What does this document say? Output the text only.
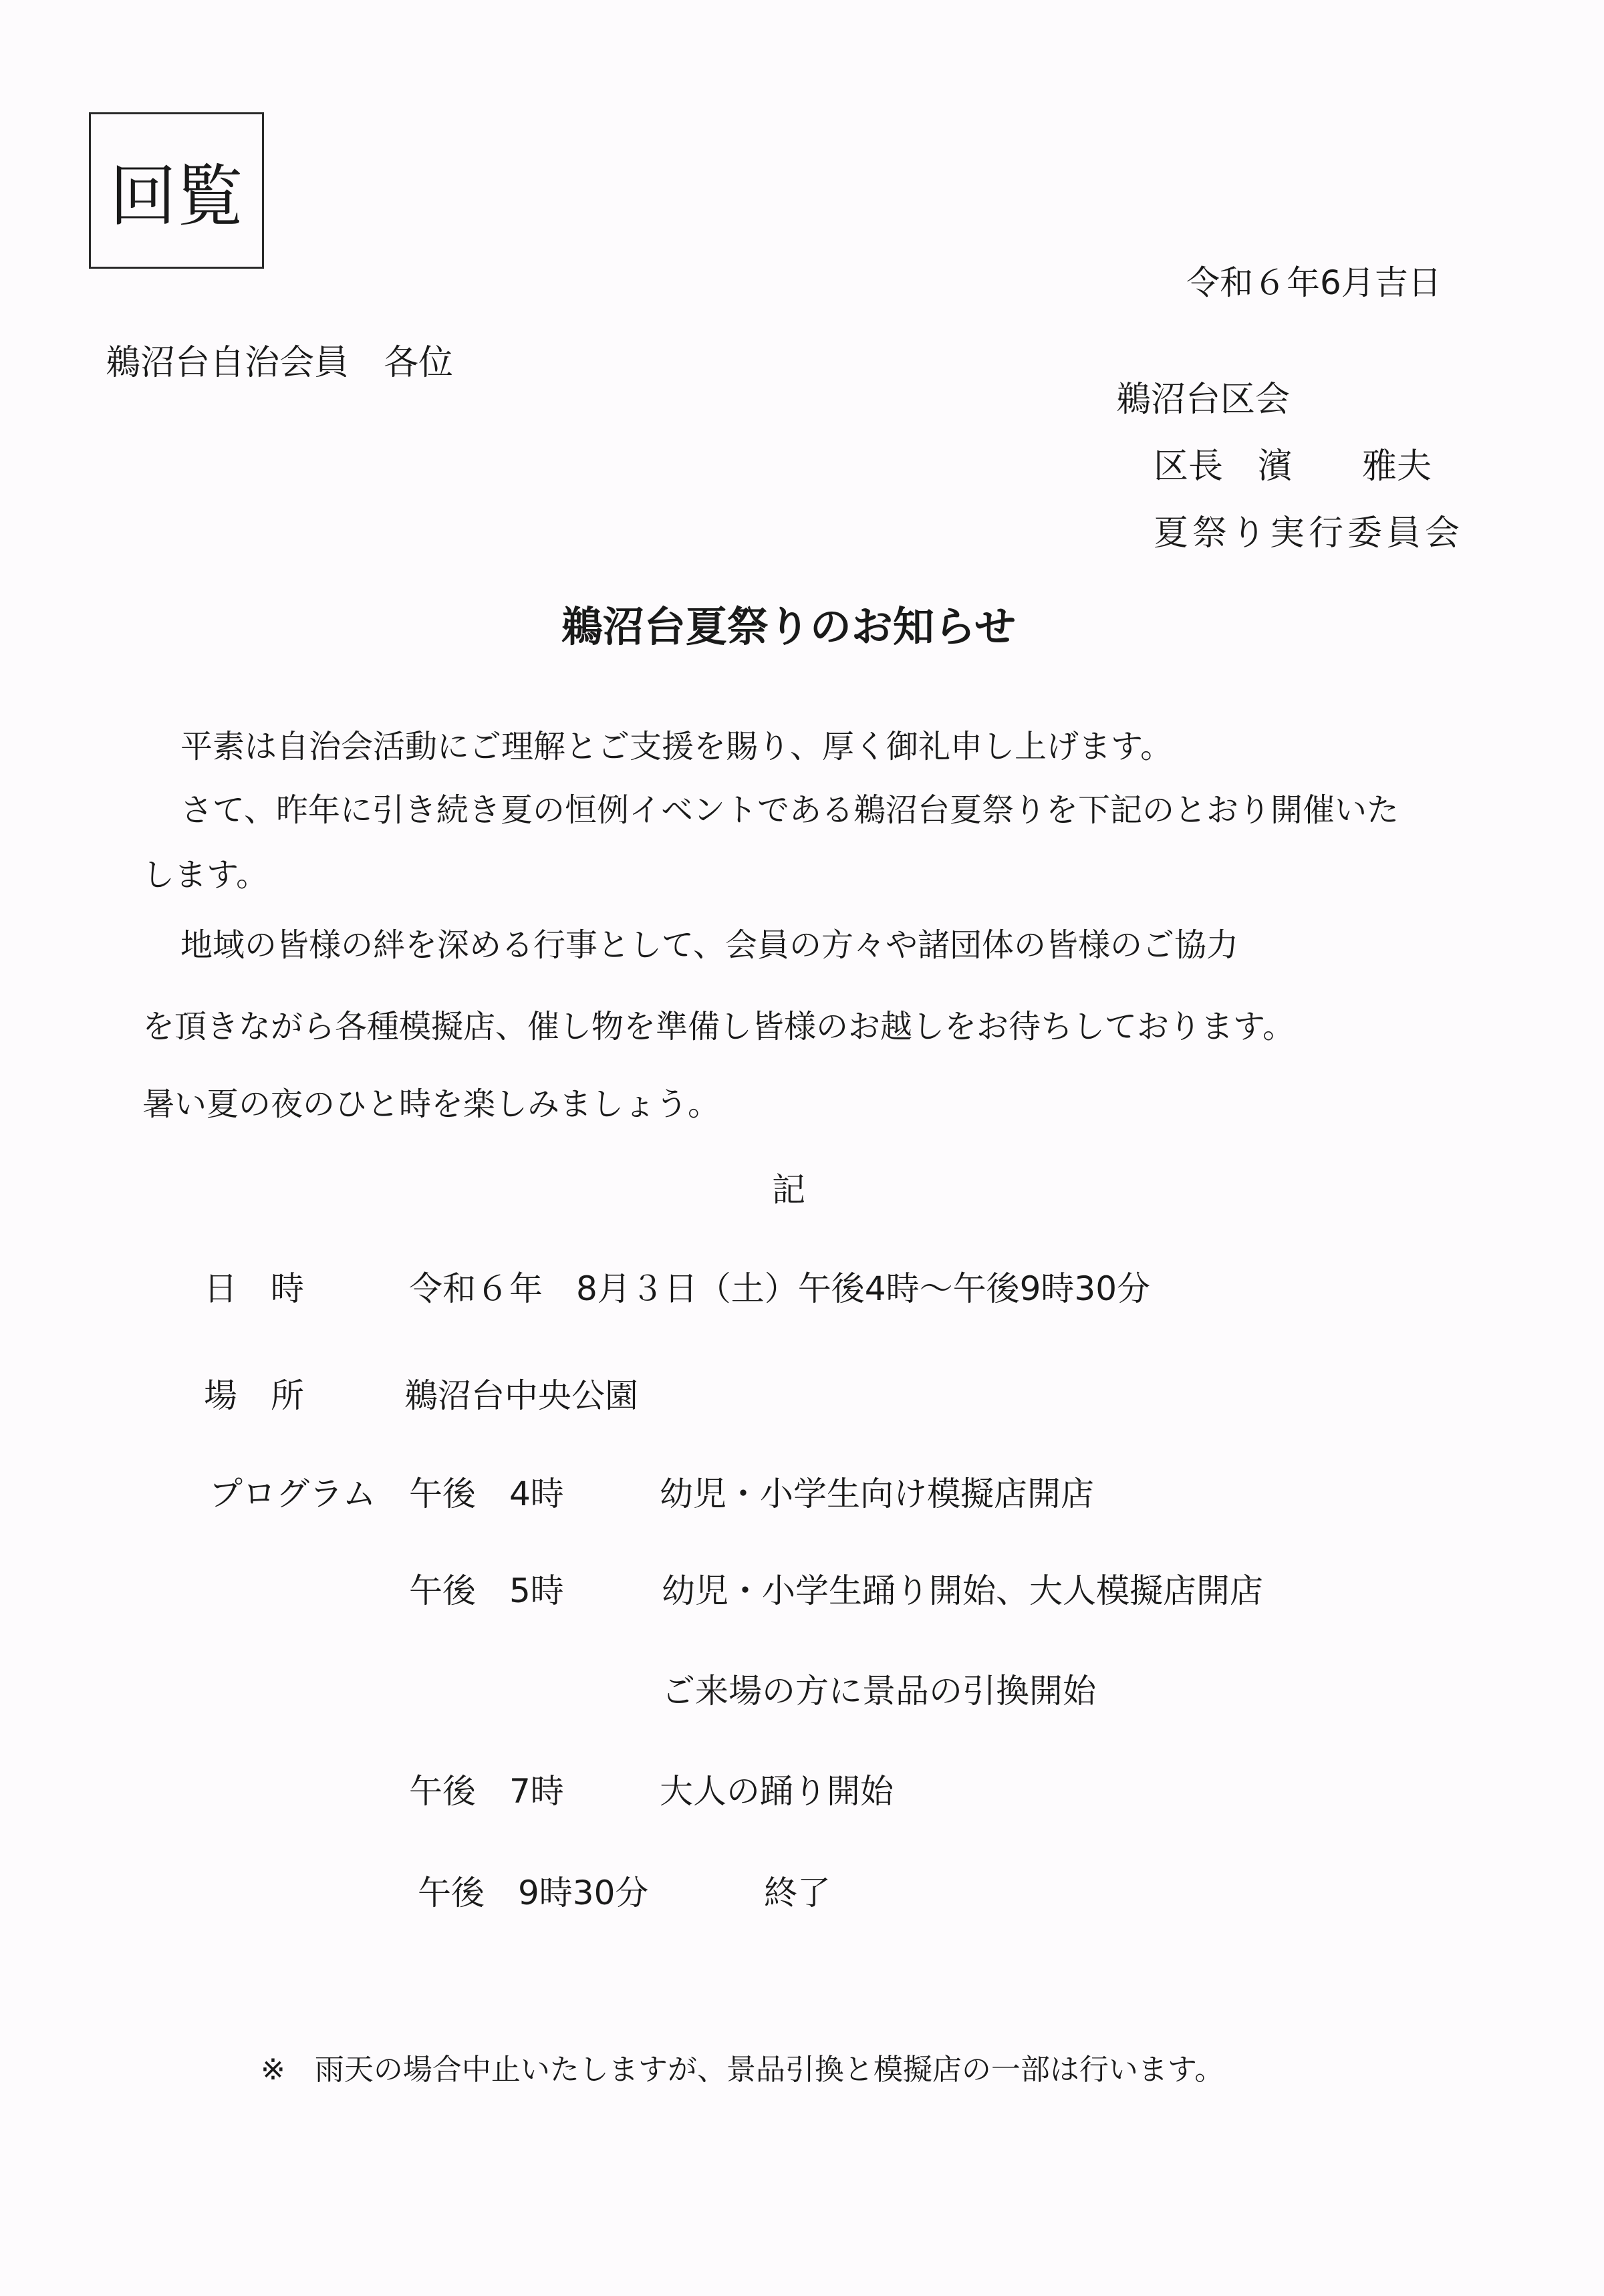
回覧
令和６年6月吉日
鵜沼台自治会員　各位
鵜沼台区会
区長　濱　　雅夫
夏祭り実行委員会
鵜沼台夏祭りのお知らせ

平素は自治会活動にご理解とご支援を賜り、厚く御礼申し上げます。

さて、昨年に引き続き夏の恒例イベントである鵜沼台夏祭りを下記のとおり開催いた

します。

地域の皆様の絆を深める行事として、会員の方々や諸団体の皆様のご協力

を頂きながら各種模擬店、催し物を準備し皆様のお越しをお待ちしております。

暑い夏の夜のひと時を楽しみましょう。

記
日　時	令和６年　8月３日（土）午後4時～午後9時30分
場　所	鵜沼台中央公園
プログラム 午後　4時	幼児・小学生向け模擬店開店
午後　5時	幼児・小学生踊り開始、大人模擬店開店
ご来場の方に景品の引換開始
午後　7時	大人の踊り開始
午後　9時30分	終了
※　雨天の場合中止いたしますが、景品引換と模擬店の一部は行います。
